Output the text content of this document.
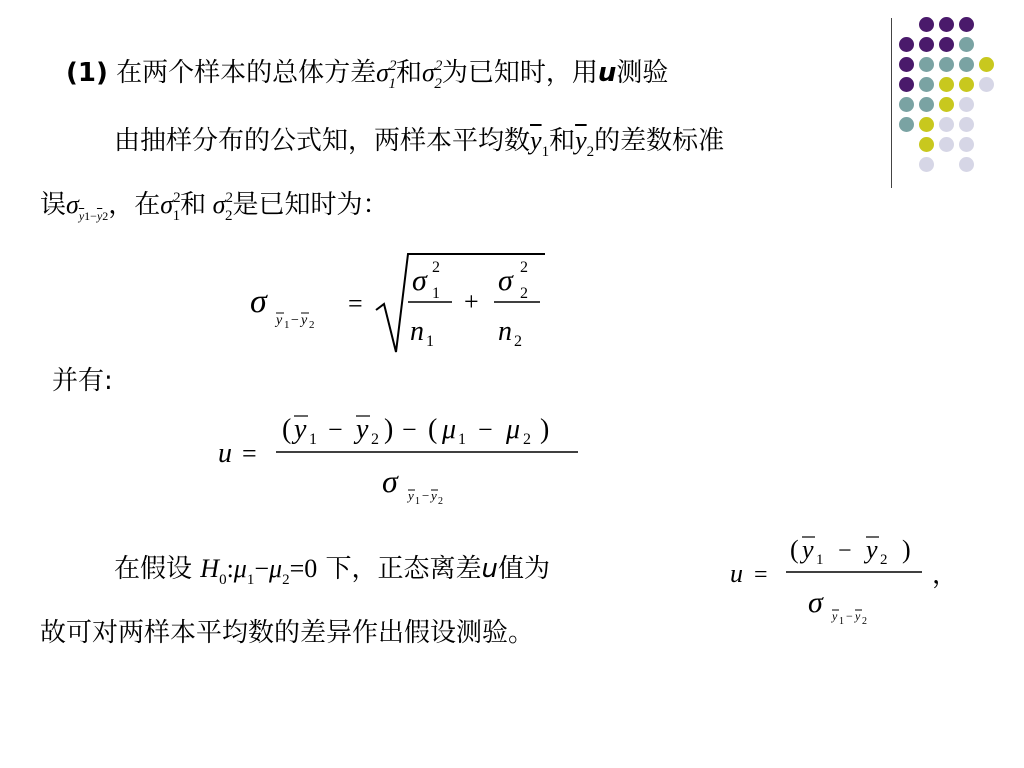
(1) 在两个样本的总体方差$\sigma^2_1$和$\sigma^2_2$为已知时，用u测验
由抽样分布的公式知，两样本平均数$\overline{y}_1$和$\overline{y}_2$的差数标准
误$\sigma_{\overline{y}1-\overline{y}2}$，在$\sigma^2_1$和 $\sigma^2_2$是已知时为：
σ
y 1 − y 2
=
σ 2
1
n 1
+
σ 2
2
n 2
并有:
u =
( y 1 − y 2 ) − ( μ 1 − μ 2 )
σ y 1 − y 2
在假设 $H_0:\mu_1-\mu_2=0$ 下，正态离差u值为	u =
( y 1 − y 2 )
σ y 1 − y 2
，
故可对两样本平均数的差异作出假设测验。
